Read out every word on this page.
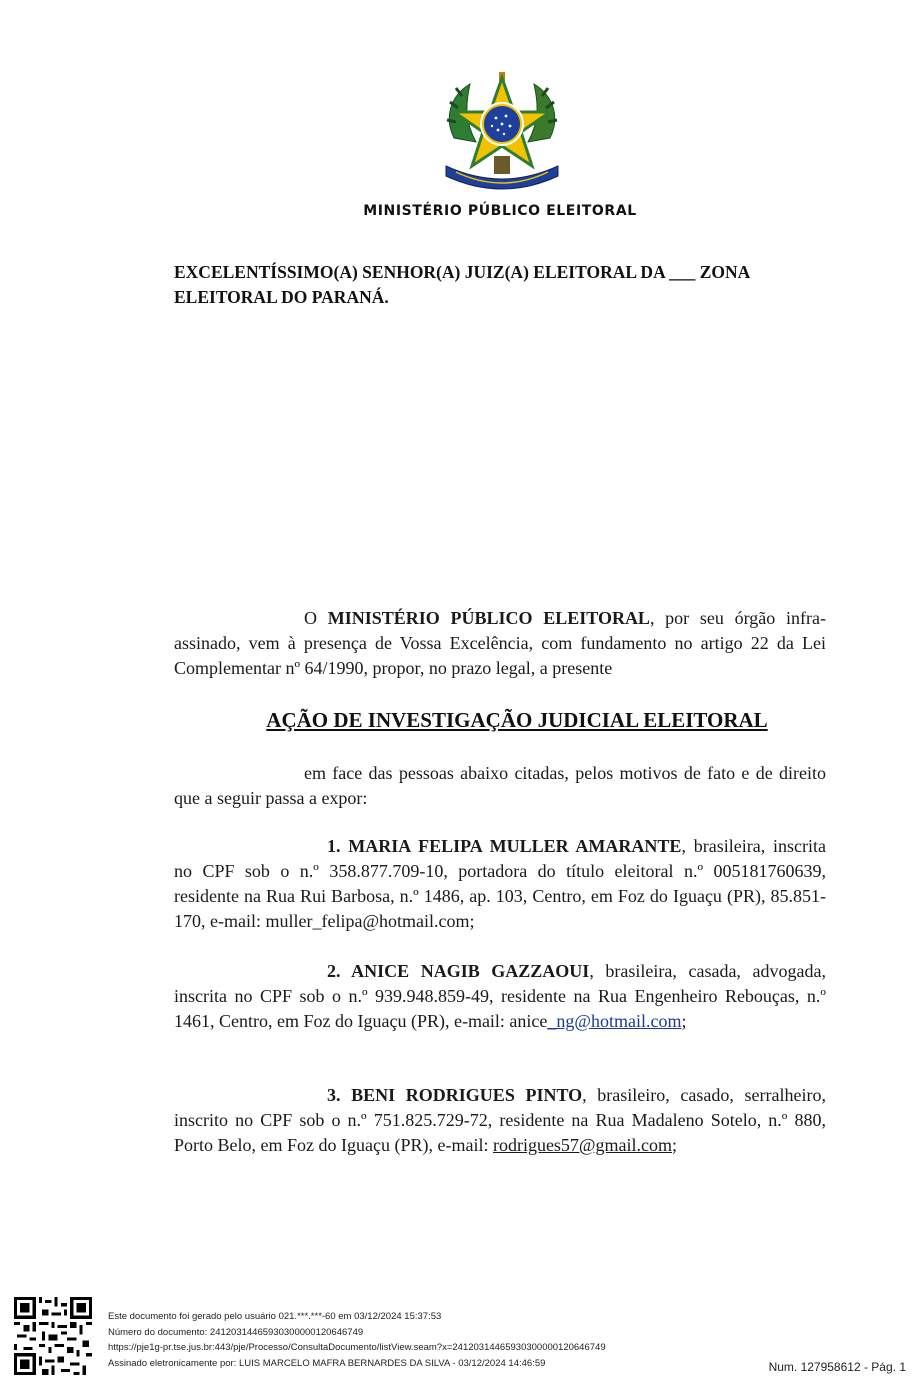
MINISTÉRIO PÚBLICO ELEITORAL
EXCELENTÍSSIMO(A) SENHOR(A) JUIZ(A) ELEITORAL DA ___ ZONA ELEITORAL DO PARANÁ.
O MINISTÉRIO PÚBLICO ELEITORAL, por seu órgão infra-assinado, vem à presença de Vossa Excelência, com fundamento no artigo 22 da Lei Complementar nº 64/1990, propor, no prazo legal, a presente
AÇÃO DE INVESTIGAÇÃO JUDICIAL ELEITORAL
em face das pessoas abaixo citadas, pelos motivos de fato e de direito que a seguir passa a expor:
1. MARIA FELIPA MULLER AMARANTE, brasileira, inscrita no CPF sob o n.º 358.877.709-10, portadora do título eleitoral n.º 005181760639, residente na Rua Rui Barbosa, n.º 1486, ap. 103, Centro, em Foz do Iguaçu (PR), 85.851-170, e-mail: muller_felipa@hotmail.com;
2. ANICE NAGIB GAZZAOUI, brasileira, casada, advogada, inscrita no CPF sob o n.º 939.948.859-49, residente na Rua Engenheiro Rebouças, n.º 1461, Centro, em Foz do Iguaçu (PR), e-mail: anice_ng@hotmail.com;
3. BENI RODRIGUES PINTO, brasileiro, casado, serralheiro, inscrito no CPF sob o n.º 751.825.729-72, residente na Rua Madaleno Sotelo, n.º 880, Porto Belo, em Foz do Iguaçu (PR), e-mail: rodrigues57@gmail.com;
Este documento foi gerado pelo usuário 021.***.***-60 em 03/12/2024 15:37:53
Número do documento: 24120314465930300000120646749
https://pje1g-pr.tse.jus.br:443/pje/Processo/ConsultaDocumento/listView.seam?x=24120314465930300000120646749
Assinado eletronicamente por: LUIS MARCELO MAFRA BERNARDES DA SILVA - 03/12/2024 14:46:59	Num. 127958612 - Pág. 1
